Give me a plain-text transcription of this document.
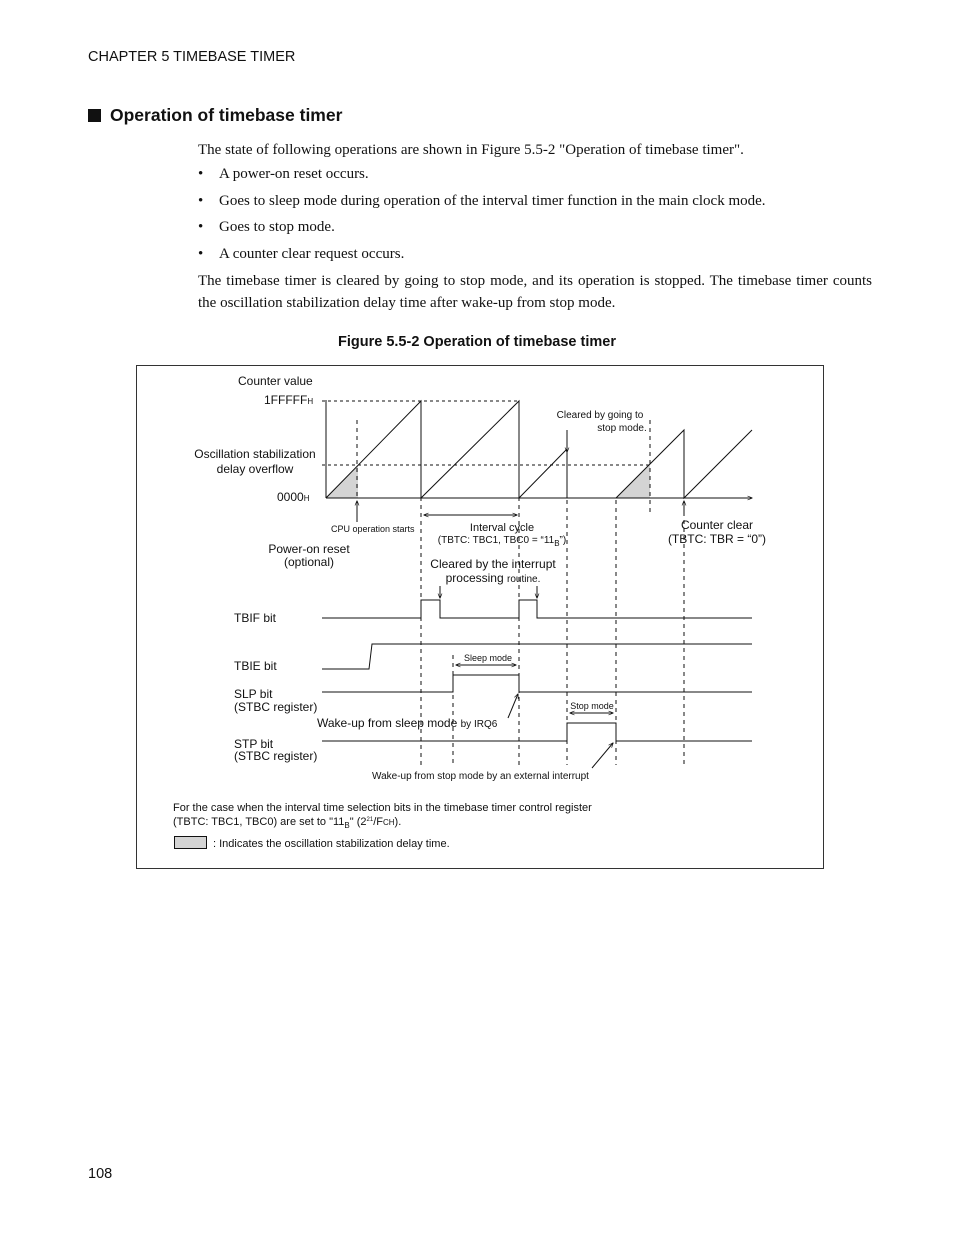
CHAPTER 5 TIMEBASE TIMER
Operation of timebase timer
The state of following operations are shown in Figure 5.5-2 "Operation of timebase timer".
•	A power-on reset occurs.
•	Goes to sleep mode during operation of the interval timer function in the main clock mode.
•	Goes to stop mode.
•	A counter clear request occurs.
The timebase timer is cleared by going to stop mode, and its operation is stopped. The timebase timer counts the oscillation stabilization delay time after wake-up from stop mode.
Figure 5.5-2 Operation of timebase timer
Counter value
1FFFFFH
Oscillation stabilization
delay overflow
0000H
Cleared by going to
stop mode.
CPU operation starts	Interval cycle
(TBTC: TBC1, $TBC0 = “11_B$”)
Counter clear
(TBTC: TBR = “0”)
Power-on reset
(optional)	Cleared by the interrupt
processing routine.
TBIF bit
TBIE bit
SLP bit
(STBC register)
STP bit
(STBC register)
Sleep mode
Stop mode
Wake-up from sleep mode by IRQ6
Wake-up from stop mode by an external interrupt
For the case when the interval time selection bits in the timebase timer control register
(TBTC: TBC1, TBC0) are set to "$11_B$" $(2^{21}/FCH)$.
: Indicates the oscillation stabilization delay time.
108
